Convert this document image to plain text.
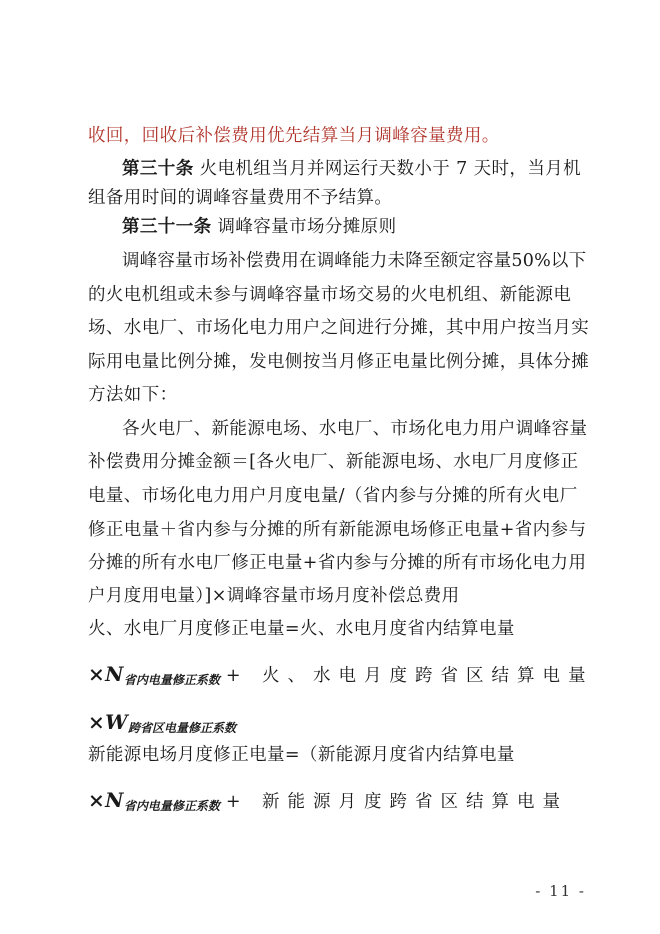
收回，回收后补偿费用优先结算当月调峰容量费用。
第三十条 火电机组当月并网运行天数小于 7 天时，当月机
组备用时间的调峰容量费用不予结算。
第三十一条 调峰容量市场分摊原则
调峰容量市场补偿费用在调峰能力未降至额定容量50%以下
的火电机组或未参与调峰容量市场交易的火电机组、新能源电
场、水电厂、市场化电力用户之间进行分摊，其中用户按当月实
际用电量比例分摊，发电侧按当月修正电量比例分摊，具体分摊
方法如下：
各火电厂、新能源电场、水电厂、市场化电力用户调峰容量
补偿费用分摊金额＝[各火电厂、新能源电场、水电厂月度修正
电量、市场化电力用户月度电量/（省内参与分摊的所有火电厂
修正电量＋省内参与分摊的所有新能源电场修正电量+省内参与
分摊的所有水电厂修正电量+省内参与分摊的所有市场化电力用
户月度用电量）]×调峰容量市场月度补偿总费用
火、水电厂月度修正电量=火、水电月度省内结算电量
$\times N_{省内电量修正系数}$ + 火、水电月度跨省区结算电量
$\times W_{跨省区电量修正系数}$
新能源电场月度修正电量=（新能源月度省内结算电量
$\times N_{省内电量修正系数}$ + 新能源月度跨省区结算电量
- 11 -
